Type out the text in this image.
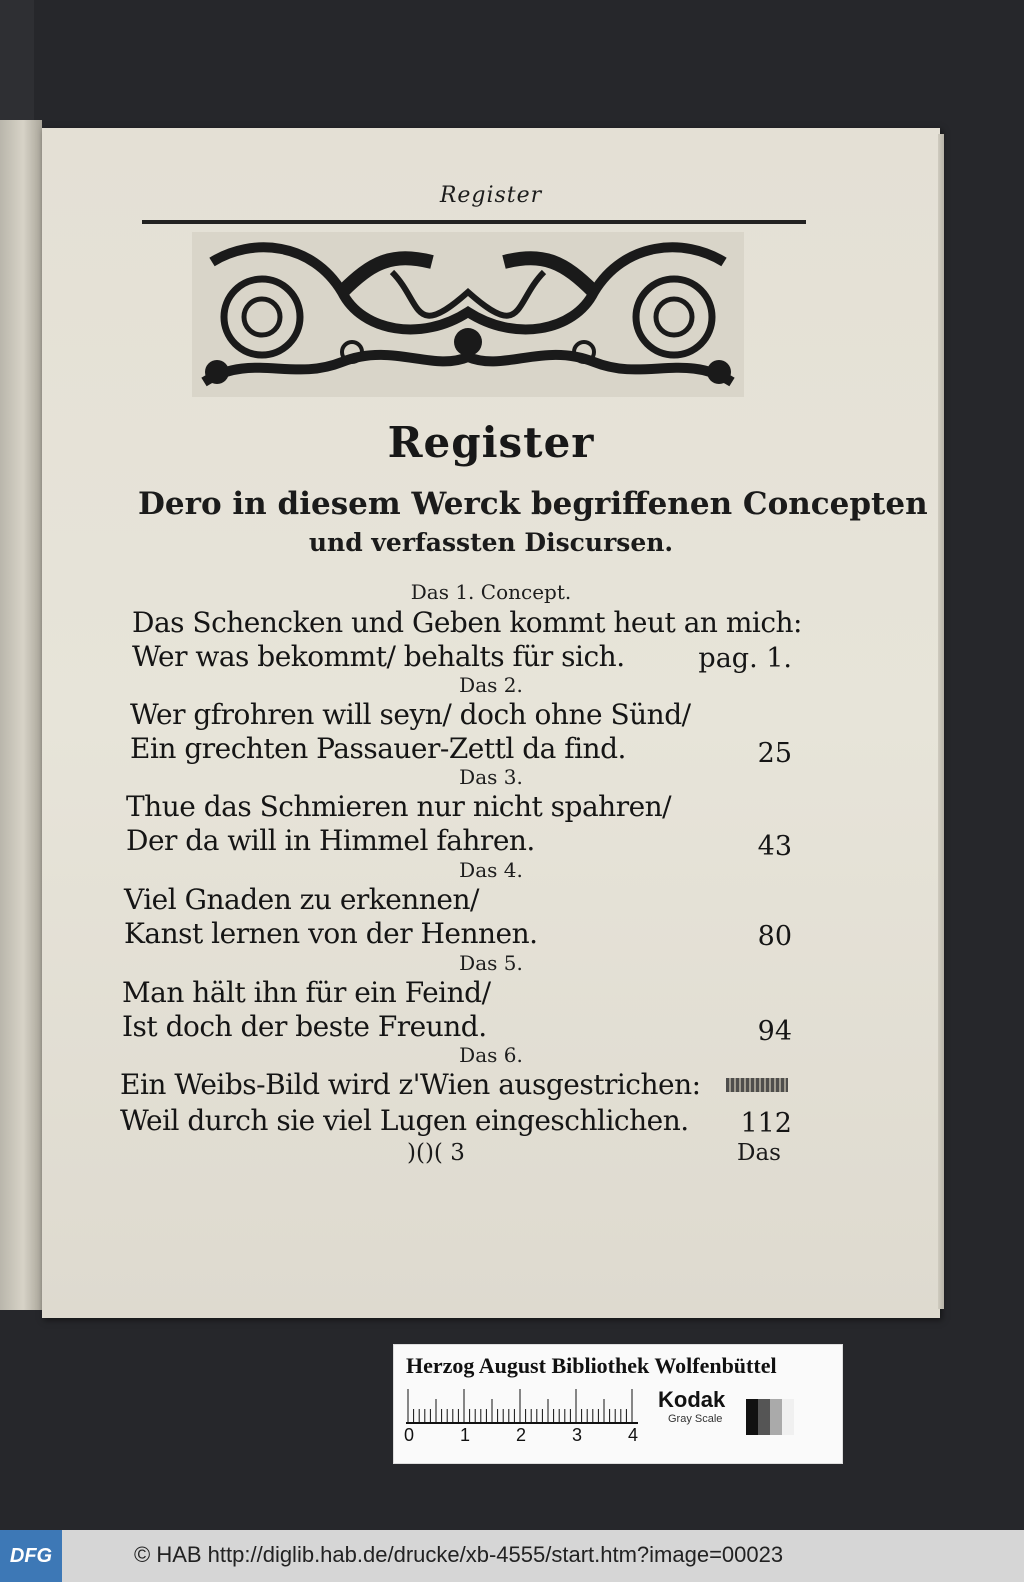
Register
Register
Dero in diesem Werck begriffenen Concepten
und verfassten Discursen.
Das 1. Concept.
Das Schencken und Geben kommt heut an mich:
Wer was bekommt/ behalts für sich.	pag. 1.
Das 2.
Wer gfrohren will seyn/ doch ohne Sünd/
Ein grechten Passauer-Zettl da find.	25
Das 3.
Thue das Schmieren nur nicht spahren/
Der da will in Himmel fahren.	43
Das 4.
Viel Gnaden zu erkennen/
Kanst lernen von der Hennen.	80
Das 5.
Man hält ihn für ein Feind/
Ist doch der beste Freund.	94
Das 6.
Ein Weibs-Bild wird z'Wien ausgestrichen:
Weil durch sie viel Lugen eingeschlichen.	112
)()( 3	Das
Herzog August Bibliothek Wolfenbüttel
0	1	2	3	4
Kodak
Gray Scale
DFG	© HAB http://diglib.hab.de/drucke/xb-4555/start.htm?image=00023
